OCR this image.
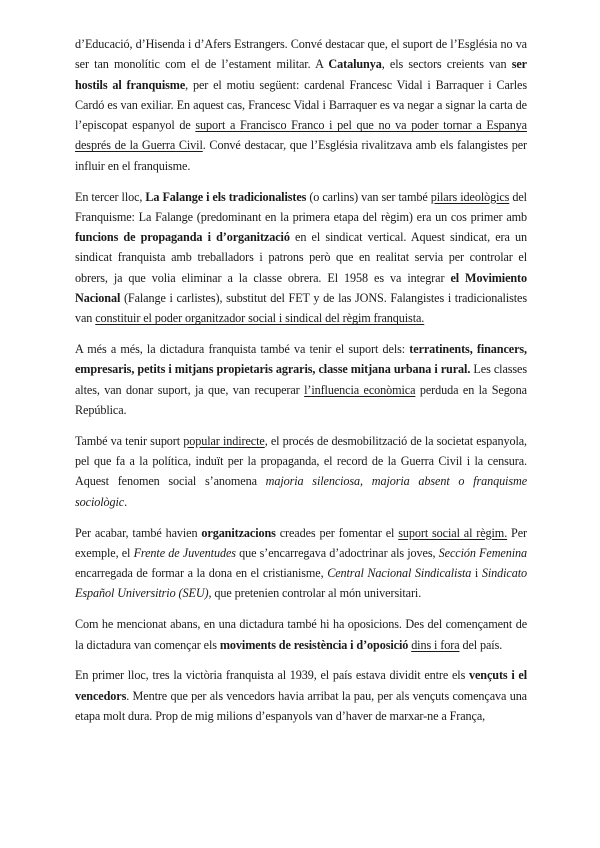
d’Educació, d’Hisenda i d’Afers Estrangers. Convé destacar que, el suport de l’Església no va ser tan monolític com el de l’estament militar. A Catalunya, els sectors creients van ser hostils al franquisme, per el motiu següent: cardenal Francesc Vidal i Barraquer i Carles Cardó es van exiliar. En aquest cas, Francesc Vidal i Barraquer es va negar a signar la carta de l’episcopat espanyol de suport a Francisco Franco i pel que no va poder tornar a Espanya després de la Guerra Civil. Convé destacar, que l’Església rivalitzava amb els falangistes per influir en el franquisme.

En tercer lloc, La Falange i els tradicionalistes (o carlins) van ser també pilars ideològics del Franquisme: La Falange (predominant en la primera etapa del règim) era un cos primer amb funcions de propaganda i d’organització en el sindicat vertical. Aquest sindicat, era un sindicat franquista amb treballadors i patrons però que en realitat servia per controlar el obrers, ja que volia eliminar a la classe obrera. El 1958 es va integrar el Movimiento Nacional (Falange i carlistes), substitut del FET y de las JONS. Falangistes i tradicionalistes van constituir el poder organitzador social i sindical del règim franquista.

A més a més, la dictadura franquista també va tenir el suport dels: terratinents, financers, empresaris, petits i mitjans propietaris agraris, classe mitjana urbana i rural. Les classes altes, van donar suport, ja que, van recuperar l’influencia econòmica perduda en la Segona República.

També va tenir suport popular indirecte, el procés de desmobilització de la societat espanyola, pel que fa a la política, induït per la propaganda, el record de la Guerra Civil i la censura. Aquest fenomen social s’anomena majoria silenciosa, majoria absent o franquisme sociològic.

Per acabar, també havien organitzacions creades per fomentar el suport social al règim. Per exemple, el Frente de Juventudes que s’encarregava d’adoctrinar als joves, Sección Femenina encarregada de formar a la dona en el cristianisme, Central Nacional Sindicalista i Sindicato Español Universitrio (SEU), que pretenien controlar al món universitari.

Com he mencionat abans, en una dictadura també hi ha oposicions. Des del començament de la dictadura van començar els moviments de resistència i d’oposició dins i fora del país.

En primer lloc, tres la victòria franquista al 1939, el país estava dividit entre els vençuts i el vencedors. Mentre que per als vencedors havia arribat la pau, per als vençuts començava una etapa molt dura. Prop de mig milions d’espanyols van d’haver de marxar-ne a França,
